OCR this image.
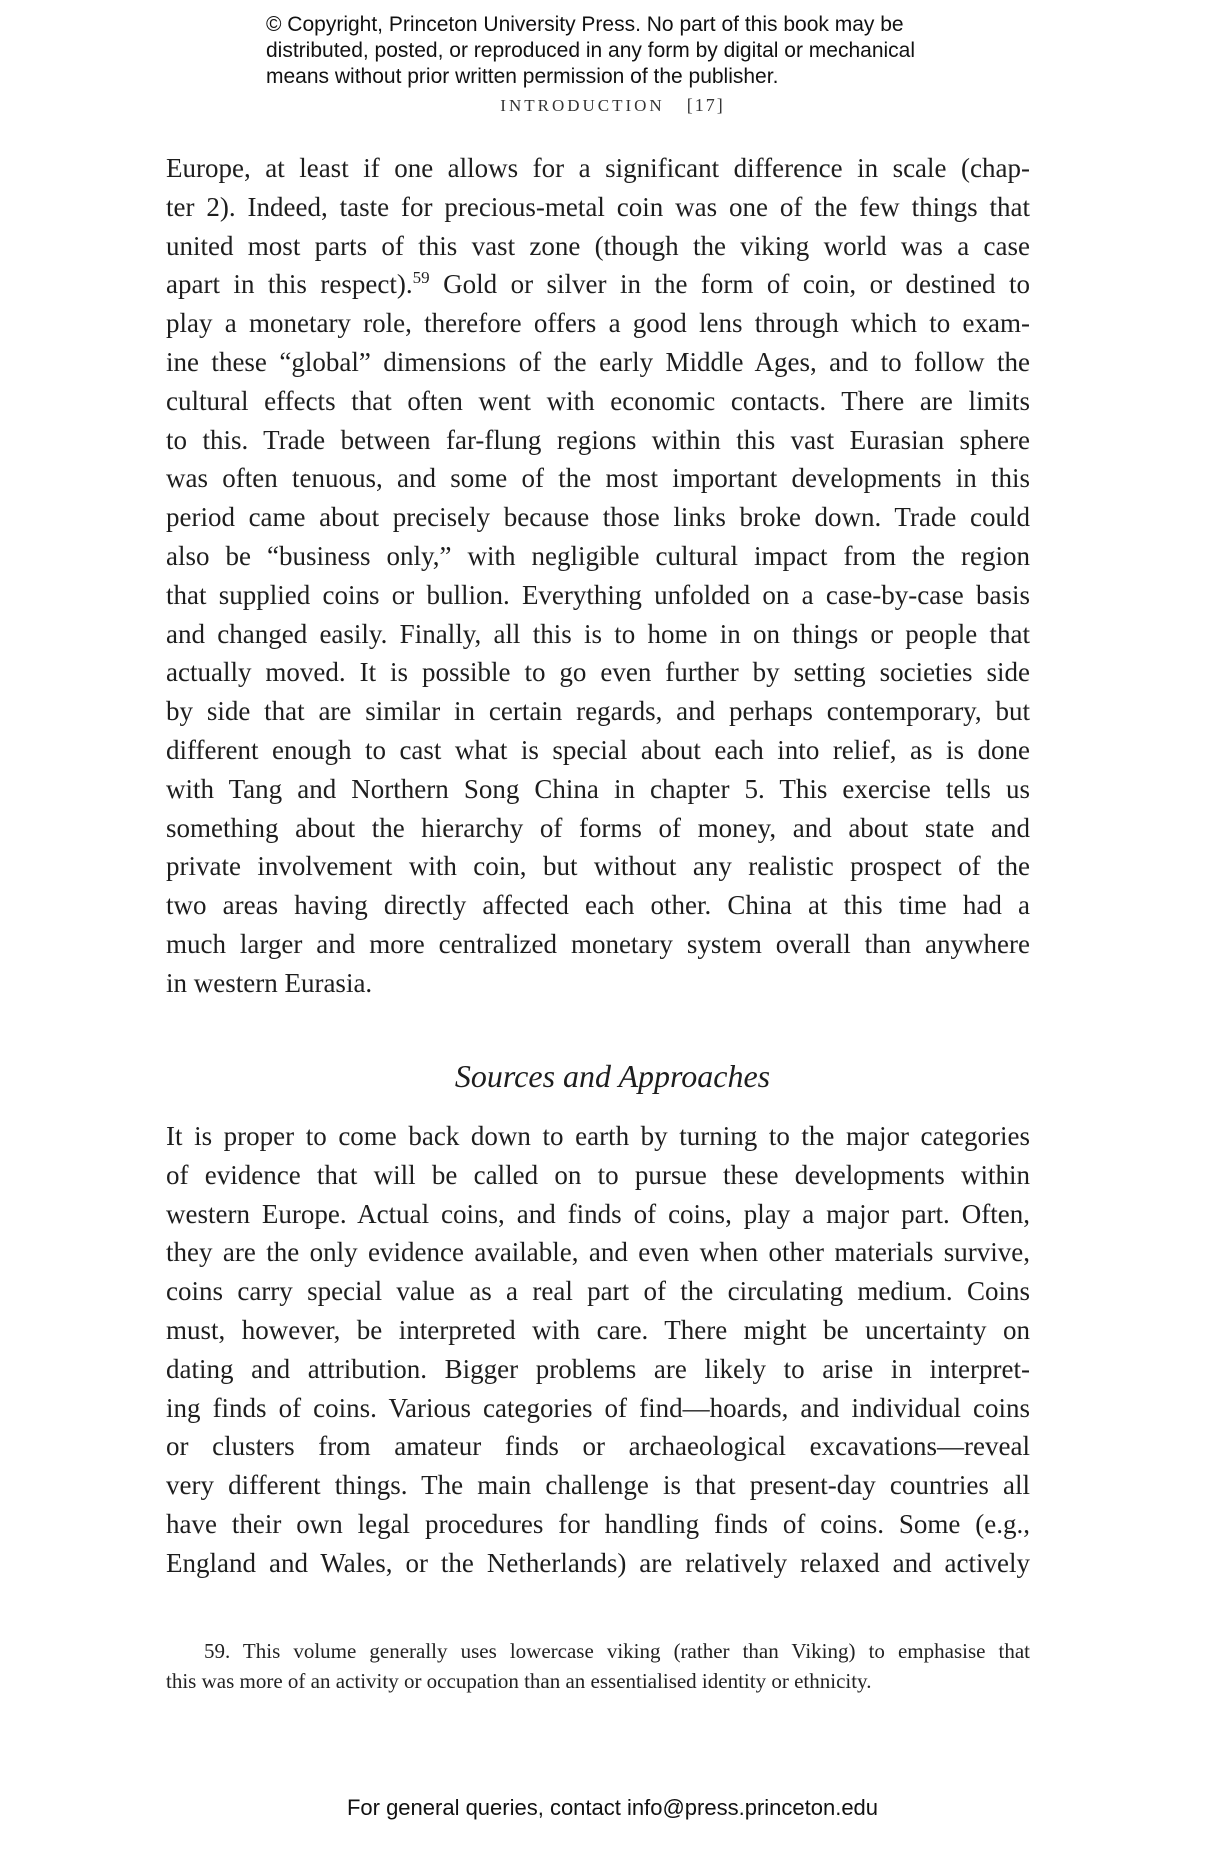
© Copyright, Princeton University Press. No part of this book may be
distributed, posted, or reproduced in any form by digital or mechanical
means without prior written permission of the publisher.
INTRODUCTION [17]
Europe, at least if one allows for a significant difference in scale (chap-
ter 2). Indeed, taste for precious-metal coin was one of the few things that
united most parts of this vast zone (though the viking world was a case
apart in this respect).$^{59}$ Gold or silver in the form of coin, or destined to
play a monetary role, therefore offers a good lens through which to exam-
ine these “global” dimensions of the early Middle Ages, and to follow the
cultural effects that often went with economic contacts. There are limits
to this. Trade between far-flung regions within this vast Eurasian sphere
was often tenuous, and some of the most important developments in this
period came about precisely because those links broke down. Trade could
also be “business only,” with negligible cultural impact from the region
that supplied coins or bullion. Everything unfolded on a case-by-case basis
and changed easily. Finally, all this is to home in on things or people that
actually moved. It is possible to go even further by setting societies side
by side that are similar in certain regards, and perhaps contemporary, but
different enough to cast what is special about each into relief, as is done
with Tang and Northern Song China in chapter 5. This exercise tells us
something about the hierarchy of forms of money, and about state and
private involvement with coin, but without any realistic prospect of the
two areas having directly affected each other. China at this time had a
much larger and more centralized monetary system overall than anywhere
in western Eurasia.
Sources and Approaches
It is proper to come back down to earth by turning to the major categories
of evidence that will be called on to pursue these developments within
western Europe. Actual coins, and finds of coins, play a major part. Often,
they are the only evidence available, and even when other materials survive,
coins carry special value as a real part of the circulating medium. Coins
must, however, be interpreted with care. There might be uncertainty on
dating and attribution. Bigger problems are likely to arise in interpret-
ing finds of coins. Various categories of find—hoards, and individual coins
or clusters from amateur finds or archaeological excavations—reveal
very different things. The main challenge is that present-day countries all
have their own legal procedures for handling finds of coins. Some (e.g.,
England and Wales, or the Netherlands) are relatively relaxed and actively
59. This volume generally uses lowercase viking (rather than Viking) to emphasise that
this was more of an activity or occupation than an essentialised identity or ethnicity.
For general queries, contact info@press.princeton.edu
